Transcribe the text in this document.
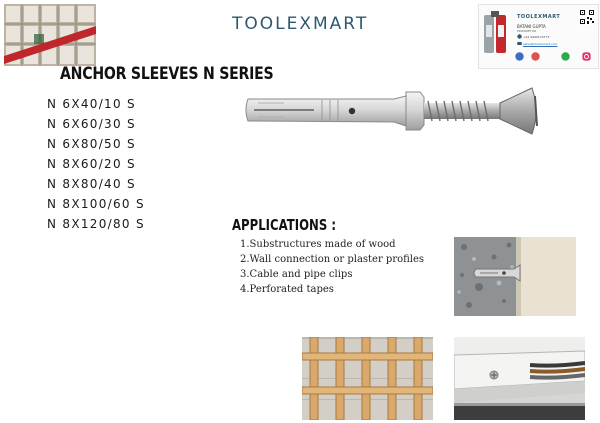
TOOLEXMART	TOOLEXMART
BATANI GUPTA
PROPRIETOR
+91 9999123773
sales@toolexmart.com
ANCHOR SLEEVES N SERIES
N 6X40/10 S
N 6X60/30 S
N 6X80/50 S
N 8X60/20 S
N 8X80/40 S
N 8X100/60 S
N 8X120/80 S	APPLICATIONS :
1.Substructures made of wood
2.Wall connection or plaster profiles
3.Cable and pipe clips
4.Perforated tapes
